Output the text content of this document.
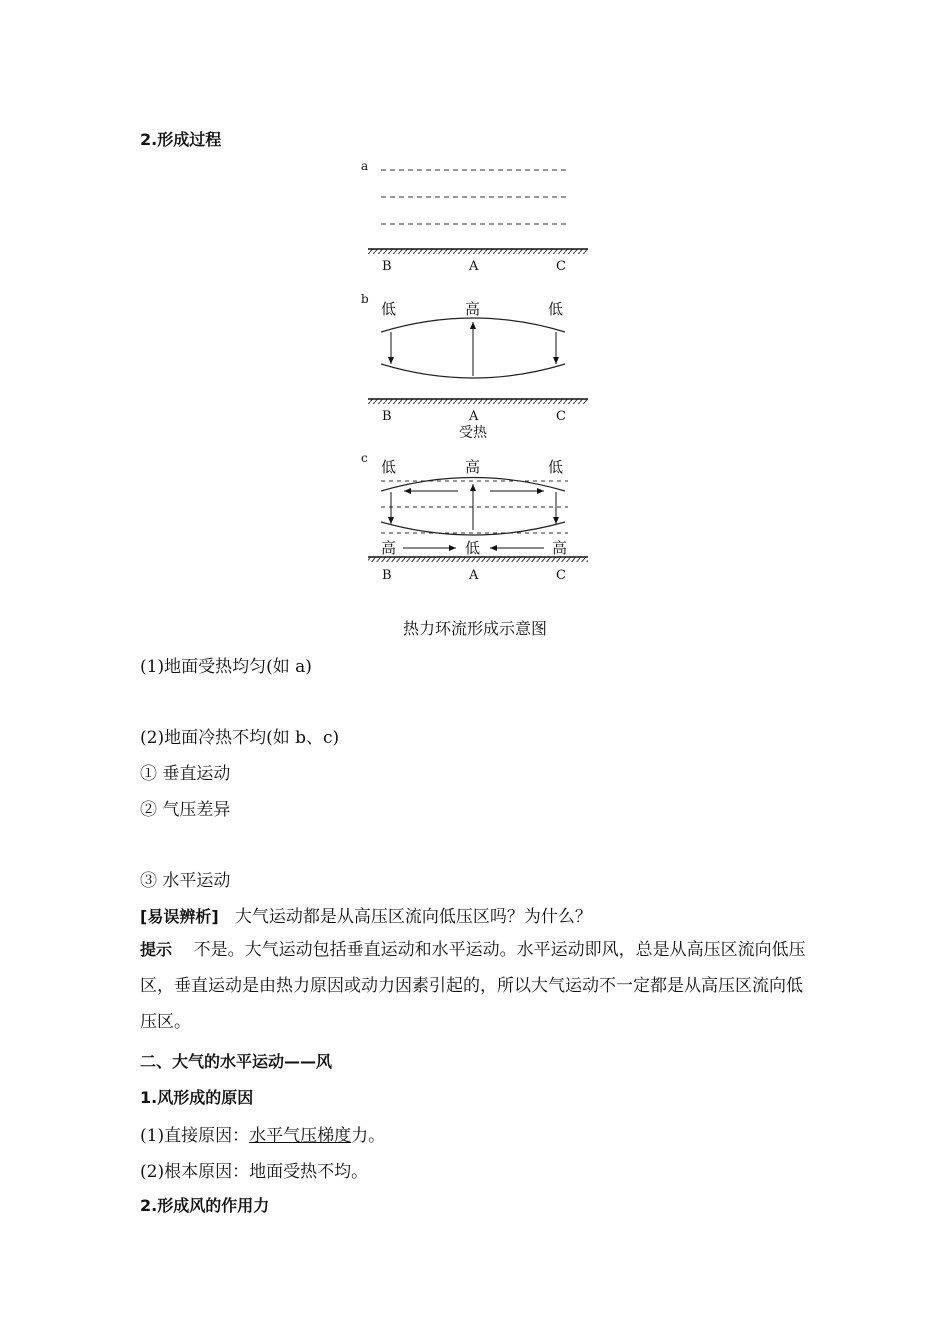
2.形成过程
a
B	A	C
b
低	高	低
B	A	C
受热
c 低	高	低
高	低	高
B	A	C
热力环流形成示意图
(1)地面受热均匀(如 a)
(2)地面冷热不均(如 b、c)
① 垂直运动
② 气压差异
③ 水平运动
[易误辨析] 大气运动都是从高压区流向低压区吗？为什么？
提示 不是。大气运动包括垂直运动和水平运动。水平运动即风，总是从高压区流向低压区，垂直运动是由热力原因或动力因素引起的，所以大气运动不一定都是从高压区流向低压区。
二、大气的水平运动——风
1.风形成的原因
(1)直接原因：水平气压梯度力。
(2)根本原因：地面受热不均。
2.形成风的作用力
